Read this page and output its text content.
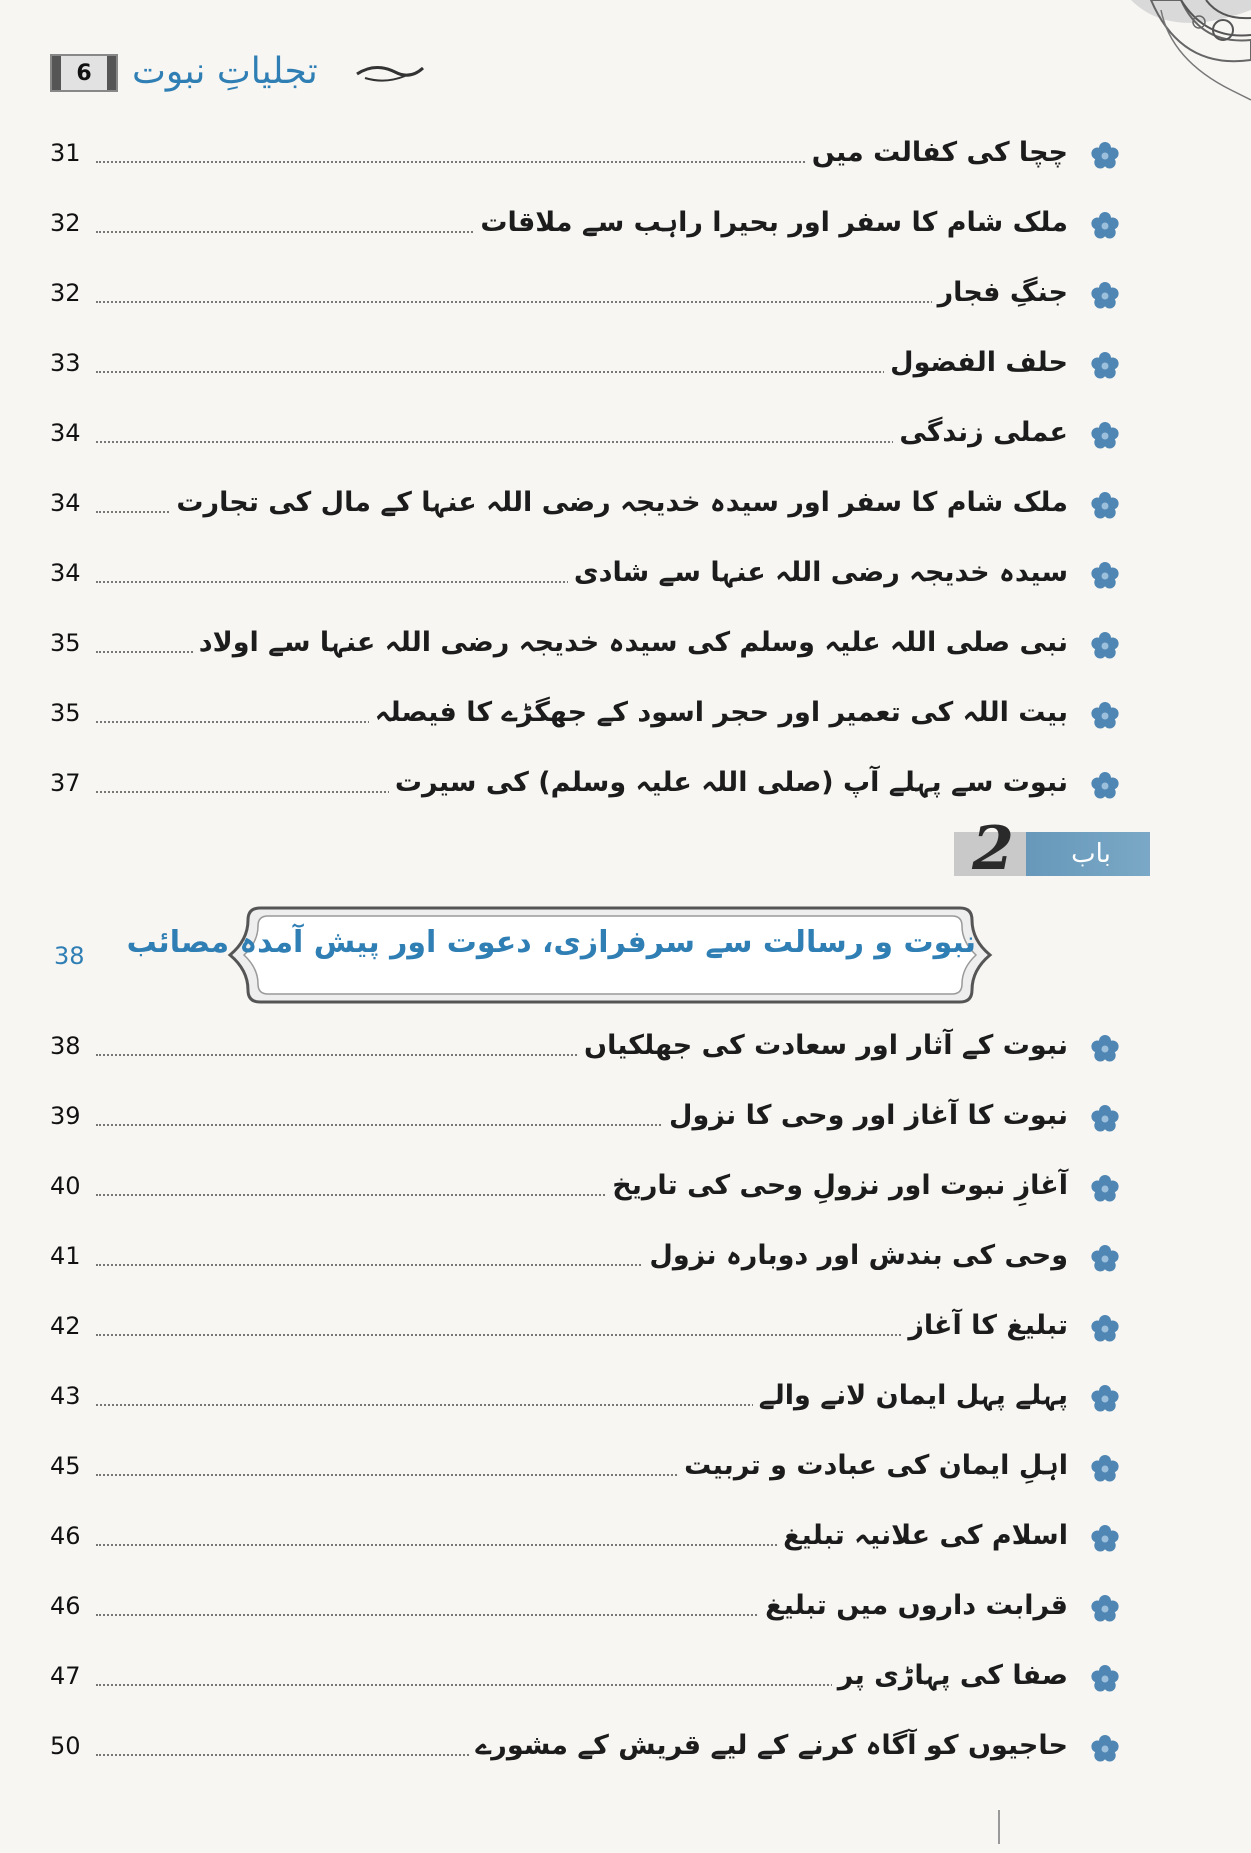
6	تجلیاتِ نبوت
31	چچا کی کفالت میں
32	ملک شام کا سفر اور بحیرا راہب سے ملاقات
32	جنگِ فجار
33	حلف الفضول
34	عملی زندگی
34	ملک شام کا سفر اور سیدہ خدیجہ رضی اللہ عنہا کے مال کی تجارت
34	سیدہ خدیجہ رضی اللہ عنہا سے شادی
35	نبی صلی اللہ علیہ وسلم کی سیدہ خدیجہ رضی اللہ عنہا سے اولاد
35	بیت اللہ کی تعمیر اور حجر اسود کے جھگڑے کا فیصلہ
37	نبوت سے پہلے آپ (صلی اللہ علیہ وسلم) کی سیرت
2	باب
نبوت و رسالت سے سرفرازی، دعوت اور پیش آمدہ مصائب
38
38	نبوت کے آثار اور سعادت کی جھلکیاں
39	نبوت کا آغاز اور وحی کا نزول
40	آغازِ نبوت اور نزولِ وحی کی تاریخ
41	وحی کی بندش اور دوبارہ نزول
42	تبلیغ کا آغاز
43	پہلے پہل ایمان لانے والے
45	اہلِ ایمان کی عبادت و تربیت
46	اسلام کی علانیہ تبلیغ
46	قرابت داروں میں تبلیغ
47	صفا کی پہاڑی پر
50	حاجیوں کو آگاہ کرنے کے لیے قریش کے مشورے
